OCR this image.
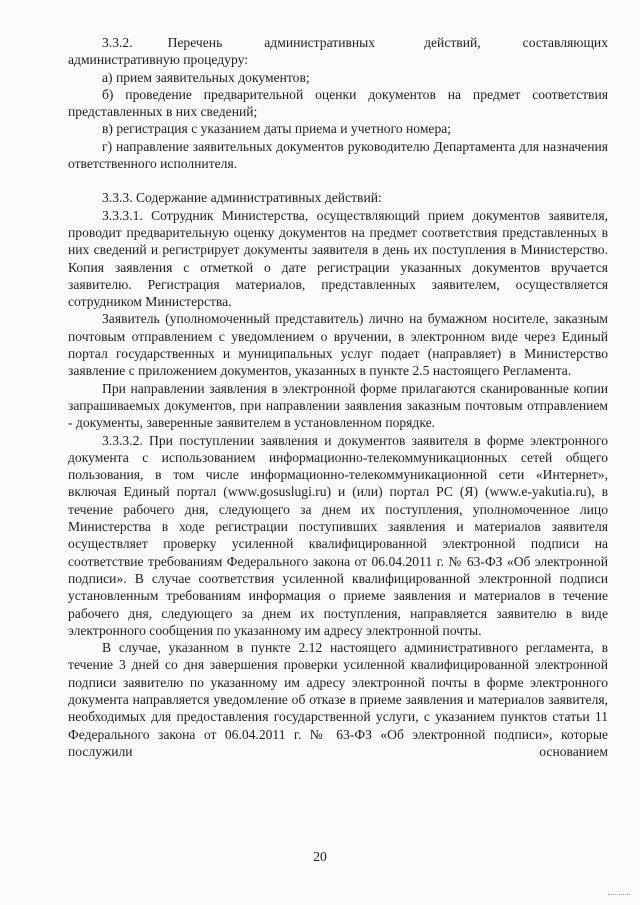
3.3.2.     Перечень      административных       действий,      составляющих административную процедуру:

а) прием заявительных документов;

б) проведение предварительной оценки документов на предмет соответствия представленных в них сведений;

в) регистрация с указанием даты приема и учетного номера;

г) направление заявительных документов руководителю Департамента для назначения ответственного исполнителя.

3.3.3. Содержание административных действий:

3.3.3.1. Сотрудник Министерства, осуществляющий прием документов заявителя, проводит предварительную оценку документов на предмет соответствия представленных в них сведений и регистрирует документы заявителя в день их поступления в Министерство. Копия заявления с отметкой о дате регистрации указанных документов вручается заявителю. Регистрация материалов, представленных заявителем, осуществляется сотрудником Министерства.

Заявитель (уполномоченный представитель) лично на бумажном носителе, заказным почтовым отправлением с уведомлением о вручении, в электронном виде через Единый портал государственных и муниципальных услуг подает (направляет) в Министерство заявление с приложением документов, указанных в пункте 2.5 настоящего Регламента.

При направлении заявления в электронной форме прилагаются сканированные копии запрашиваемых документов, при направлении заявления заказным почтовым отправлением - документы, заверенные заявителем в установленном порядке.

3.3.3.2. При поступлении заявления и документов заявителя в форме электронного документа с использованием информационно-телекоммуникационных сетей общего пользования, в том числе информационно-телекоммуникационной сети «Интернет», включая Единый портал (www.gosuslugi.ru) и (или) портал РС (Я) (www.e-yakutia.ru), в течение рабочего дня, следующего за днем их поступления, уполномоченное лицо Министерства в ходе регистрации поступивших заявления и материалов заявителя осуществляет проверку усиленной квалифицированной электронной подписи на соответствие требованиям Федерального закона от 06.04.2011 г. № 63-ФЗ «Об электронной подписи». В случае соответствия усиленной квалифицированной электронной подписи установленным требованиям информация о приеме заявления и материалов в течение рабочего дня, следующего за днем их поступления, направляется заявителю в виде электронного сообщения по указанному им адресу электронной почты.

В случае, указанном в пункте 2.12 настоящего административного регламента, в течение 3 дней со дня завершения проверки усиленной квалифицированной электронной подписи заявителю по указанному им адресу электронной почты в форме электронного документа направляется уведомление об отказе в приеме заявления и материалов заявителя, необходимых для предоставления государственной услуги, с указанием пунктов статьи 11 Федерального закона от 06.04.2011 г. № 63-ФЗ «Об электронной подписи», которые послужили основанием

20
